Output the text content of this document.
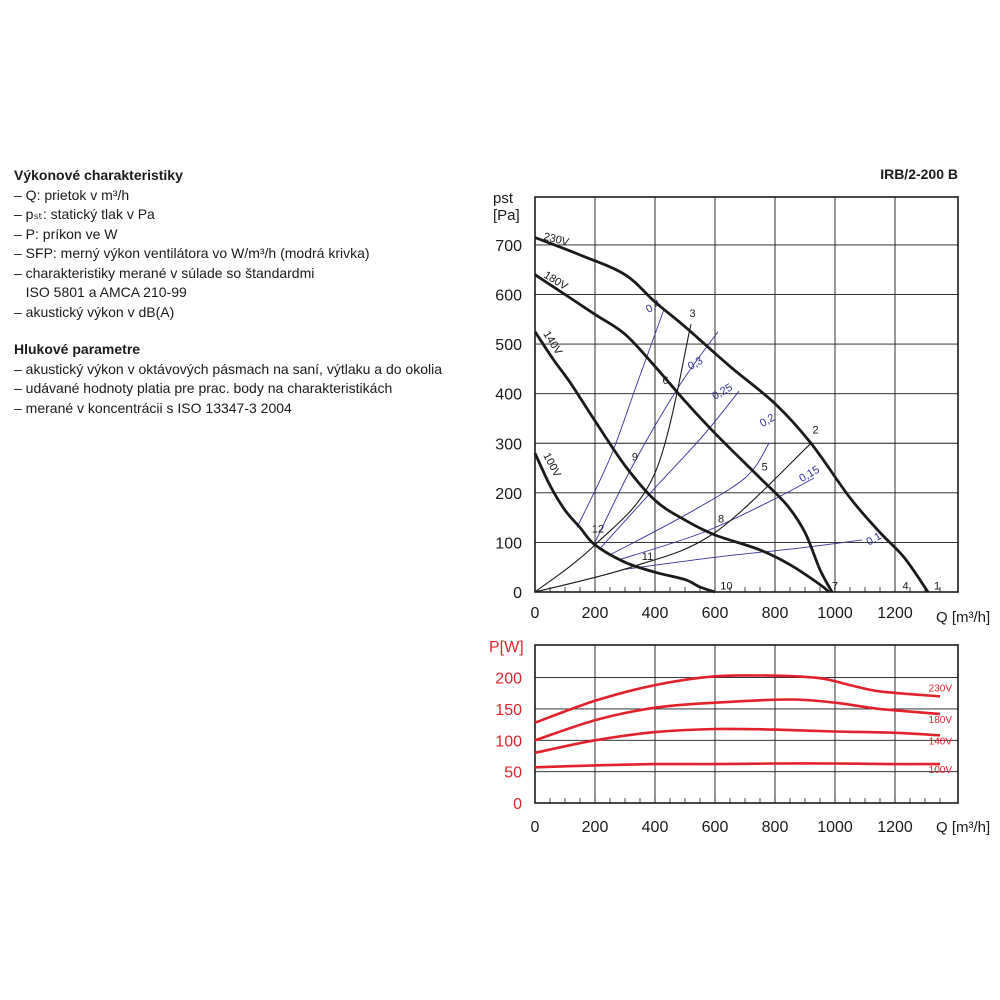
Výkonové charakteristiky
– Q: prietok v m³/h
– pₛₜ: statický tlak v Pa
– P: príkon ve W
– SFP: merný výkon ventilátora vo W/m³/h (modrá krivka)
– charakteristiky merané v súlade so štandardmi
ISO 5801 a AMCA 210-99
– akustický výkon v dB(A)
Hlukové parametre
– akustický výkon v oktávových pásmach na saní, výtlaku a do okolia
– udávané hodnoty platia pre prac. body na charakteristikách
– merané v koncentrácii s ISO 13347-3 2004
IRB/2-200 B
0	200 400 600 800 1000 1200
0
100
200
300
400
500
600
700
pst
[Pa]
Q [m³/h]
0,4
0,3
0,25
0,2
0,15
0,1
230V
180V
140V
100V
1
2
3
4
5
6
7
8
9
10
11
12
0	200 400 600 800 1000 1200
0
50
100
150
200
P[W]
Q [m³/h]
230V
180V
140V
100V
